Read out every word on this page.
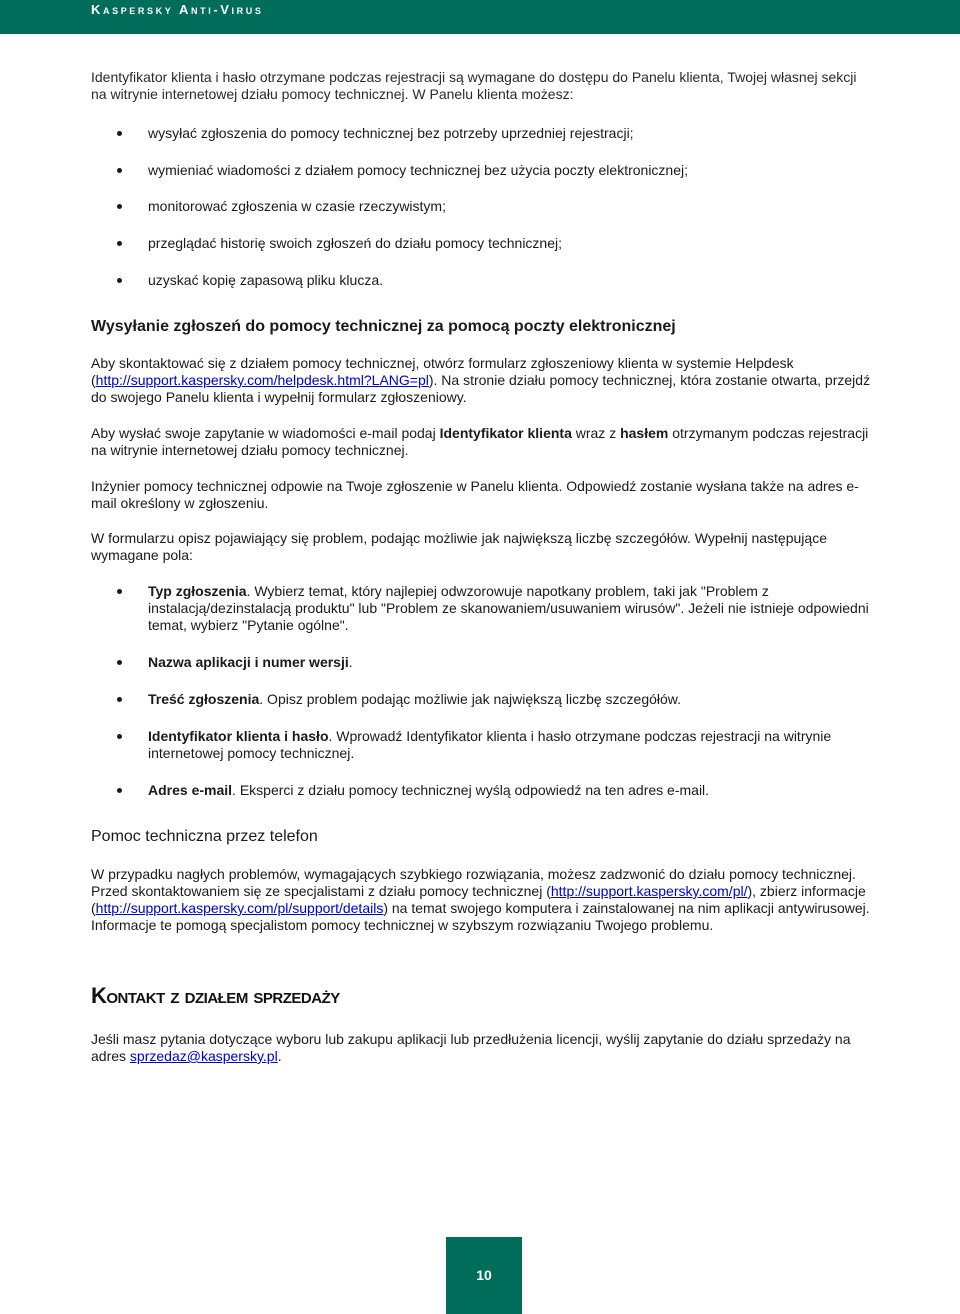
Kaspersky Anti-Virus

Identyfikator klienta i hasło otrzymane podczas rejestracji są wymagane do dostępu do Panelu klienta, Twojej własnej sekcji na witrynie internetowej działu pomocy technicznej. W Panelu klienta możesz:

wysyłać zgłoszenia do pomocy technicznej bez potrzeby uprzedniej rejestracji;

wymieniać wiadomości z działem pomocy technicznej bez użycia poczty elektronicznej;

monitorować zgłoszenia w czasie rzeczywistym;

przeglądać historię swoich zgłoszeń do działu pomocy technicznej;

uzyskać kopię zapasową pliku klucza.

Wysyłanie zgłoszeń do pomocy technicznej za pomocą poczty elektronicznej

Aby skontaktować się z działem pomocy technicznej, otwórz formularz zgłoszeniowy klienta w systemie Helpdesk (http://support.kaspersky.com/helpdesk.html?LANG=pl). Na stronie działu pomocy technicznej, która zostanie otwarta, przejdź do swojego Panelu klienta i wypełnij formularz zgłoszeniowy.

Aby wysłać swoje zapytanie w wiadomości e-mail podaj Identyfikator klienta wraz z hasłem otrzymanym podczas rejestracji na witrynie internetowej działu pomocy technicznej.

Inżynier pomocy technicznej odpowie na Twoje zgłoszenie w Panelu klienta. Odpowiedź zostanie wysłana także na adres e-mail określony w zgłoszeniu.

W formularzu opisz pojawiający się problem, podając możliwie jak największą liczbę szczegółów. Wypełnij następujące wymagane pola:

Typ zgłoszenia. Wybierz temat, który najlepiej odwzorowuje napotkany problem, taki jak "Problem z instalacją/dezinstalacją produktu" lub "Problem ze skanowaniem/usuwaniem wirusów". Jeżeli nie istnieje odpowiedni temat, wybierz "Pytanie ogólne".

Nazwa aplikacji i numer wersji.

Treść zgłoszenia. Opisz problem podając możliwie jak największą liczbę szczegółów.

Identyfikator klienta i hasło. Wprowadź Identyfikator klienta i hasło otrzymane podczas rejestracji na witrynie internetowej pomocy technicznej.

Adres e-mail. Eksperci z działu pomocy technicznej wyślą odpowiedź na ten adres e-mail.

Pomoc techniczna przez telefon

W przypadku nagłych problemów, wymagających szybkiego rozwiązania, możesz zadzwonić do działu pomocy technicznej. Przed skontaktowaniem się ze specjalistami z działu pomocy technicznej (http://support.kaspersky.com/pl/), zbierz informacje (http://support.kaspersky.com/pl/support/details) na temat swojego komputera i zainstalowanej na nim aplikacji antywirusowej. Informacje te pomogą specjalistom pomocy technicznej w szybszym rozwiązaniu Twojego problemu.

Kontakt z działem sprzedaży

Jeśli masz pytania dotyczące wyboru lub zakupu aplikacji lub przedłużenia licencji, wyślij zapytanie do działu sprzedaży na adres sprzedaz@kaspersky.pl.

10
